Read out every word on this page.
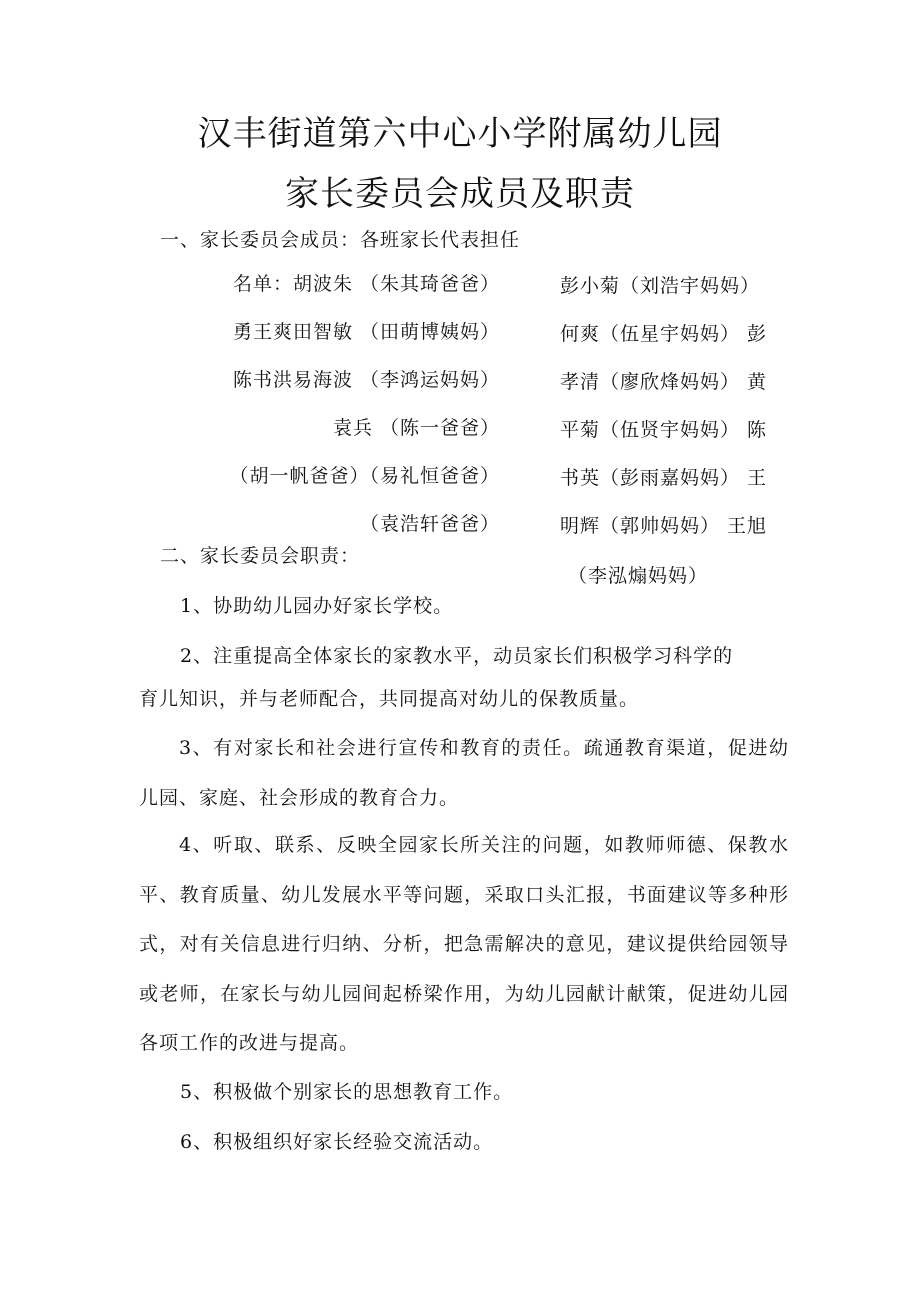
汉丰街道第六中心小学附属幼儿园
家长委员会成员及职责
一、家长委员会成员：各班家长代表担任
名单：胡波朱 （朱其琦爸爸）
勇王爽田智敏 （田萌博姨妈）
陈书洪易海波 （李鸿运妈妈）
袁兵 （陈一爸爸）
（胡一帆爸爸）（易礼恒爸爸）
（袁浩轩爸爸）
彭小菊（刘浩宇妈妈）
何爽（伍星宇妈妈） 彭
孝清（廖欣烽妈妈） 黄
平菊（伍贤宇妈妈） 陈
书英（彭雨嘉妈妈） 王
明辉（郭帅妈妈） 王旭
（李泓煽妈妈）
二、家长委员会职责：
1、协助幼儿园办好家长学校。
2、注重提高全体家长的家教水平，动员家长们积极学习科学的
育儿知识，并与老师配合，共同提高对幼儿的保教质量。

3、有对家长和社会进行宣传和教育的责任。疏通教育渠道，促进幼儿园、家庭、社会形成的教育合力。

4、听取、联系、反映全园家长所关注的问题，如教师师德、保教水平、教育质量、幼儿发展水平等问题，采取口头汇报，书面建议等多种形式，对有关信息进行归纳、分析，把急需解决的意见，建议提供给园领导或老师，在家长与幼儿园间起桥梁作用，为幼儿园献计献策，促进幼儿园各项工作的改进与提高。

5、积极做个别家长的思想教育工作。
6、积极组织好家长经验交流活动。
